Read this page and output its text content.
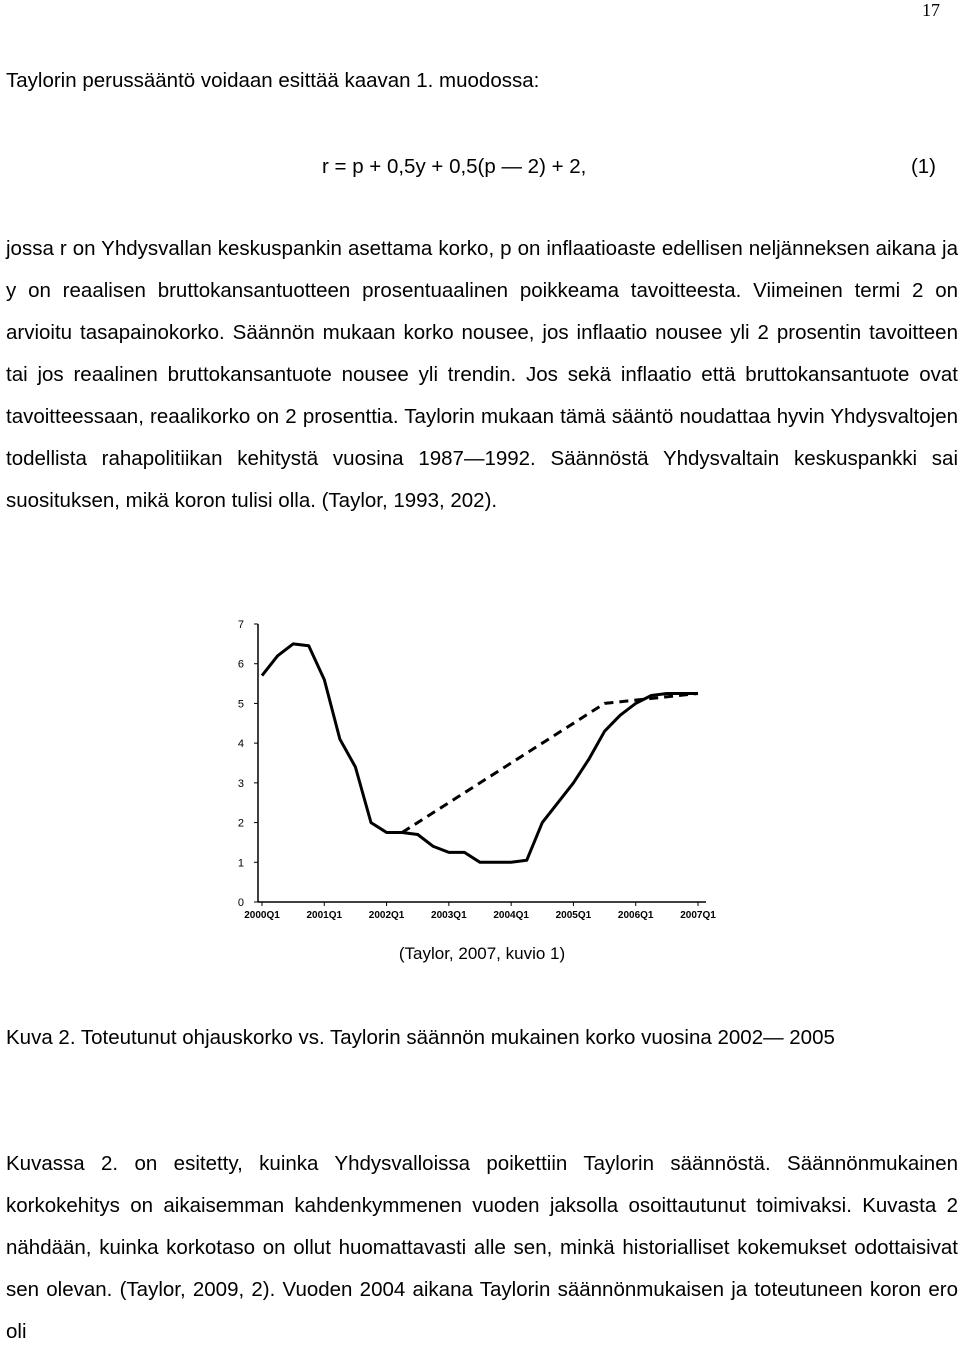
17
Taylorin perussääntö voidaan esittää kaavan 1. muodossa:
r = p + 0,5y + 0,5(p — 2) + 2,	(1)
jossa r on Yhdysvallan keskuspankin asettama korko, p on inflaatioaste edellisen neljänneksen aikana ja y on reaalisen bruttokansantuotteen prosentuaalinen poikkeama tavoitteesta. Viimeinen termi 2 on arvioitu tasapainokorko. Säännön mukaan korko nousee, jos inflaatio nousee yli 2 prosentin tavoitteen tai jos reaalinen bruttokansantuote nousee yli trendin. Jos sekä inflaatio että bruttokansantuote ovat tavoitteessaan, reaalikorko on 2 prosenttia. Taylorin mukaan tämä sääntö noudattaa hyvin Yhdysvaltojen todellista rahapolitiikan kehitystä vuosina 1987—1992. Säännöstä Yhdysvaltain keskuspankki sai suosituksen, mikä koron tulisi olla. (Taylor, 1993, 202).
0
1
2
3
4
5
6
7
2000Q1	2001Q1	2002Q1	2003Q1	2004Q1	2005Q1	2006Q1	2007Q1
(Taylor, 2007, kuvio 1)
Kuva 2. Toteutunut ohjauskorko vs. Taylorin säännön mukainen korko vuosina 2002— 2005
Kuvassa 2. on esitetty, kuinka Yhdysvalloissa poikettiin Taylorin säännöstä. Säännönmukainen korkokehitys on aikaisemman kahdenkymmenen vuoden jaksolla osoittautunut toimivaksi. Kuvasta 2 nähdään, kuinka korkotaso on ollut huomattavasti alle sen, minkä historialliset kokemukset odottaisivat sen olevan. (Taylor, 2009, 2). Vuoden 2004 aikana Taylorin säännönmukaisen ja toteutuneen koron ero oli
